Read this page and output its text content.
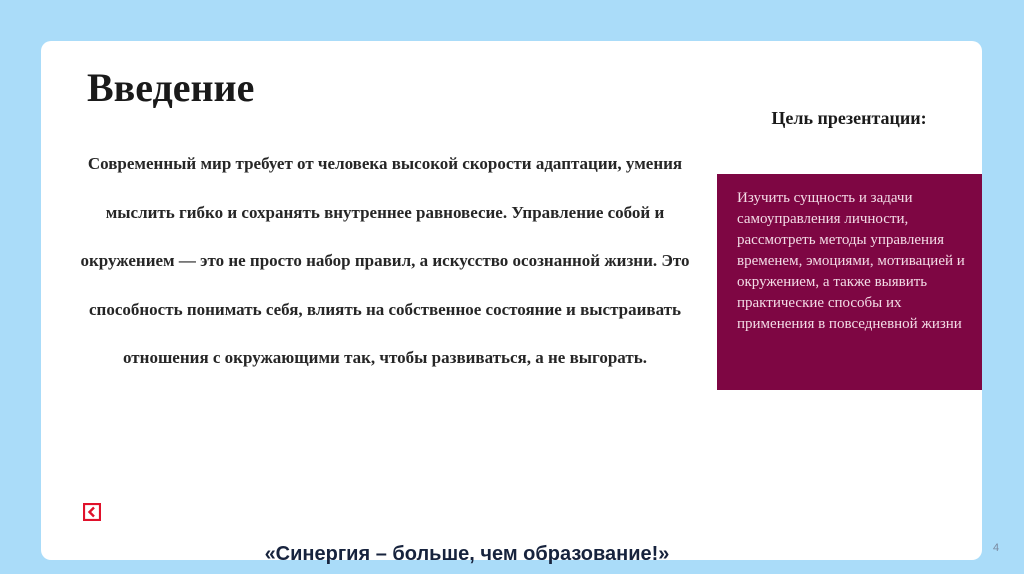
Введение

Современный мир требует от человека высокой скорости адаптации, умения мыслить гибко и сохранять внутреннее равновесие. Управление собой и окружением — это не просто набор правил, а искусство осознанной жизни. Это способность понимать себя, влиять на собственное состояние и выстраивать отношения с окружающими так, чтобы развиваться, а не выгорать.

Цель презентации:

Изучить сущность и задачи самоуправления личности, рассмотреть методы управления временем, эмоциями, мотивацией и окружением, а также выявить практические способы их применения в повседневной жизни

«Синергия – больше, чем образование!»	4
